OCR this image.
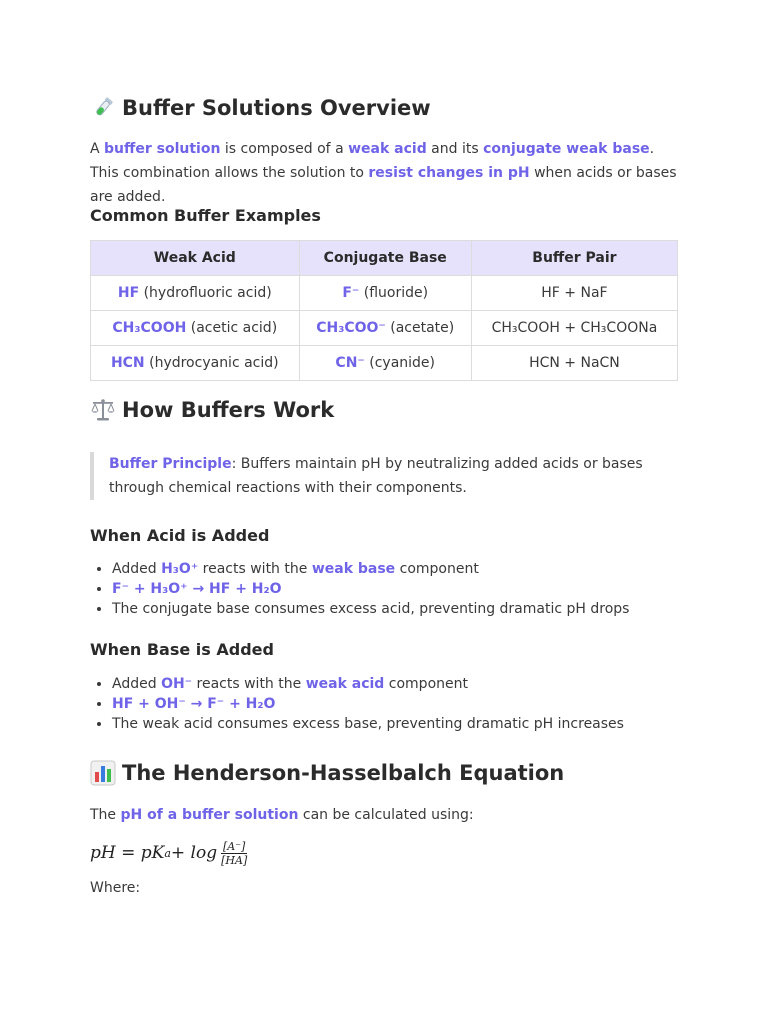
Buffer Solutions Overview

A buffer solution is composed of a weak acid and its conjugate weak base. This combination allows the solution to resist changes in pH when acids or bases are added.

Common Buffer Examples
Weak Acid	Conjugate Base	Buffer Pair
HF (hydrofluoric acid)	F⁻ (fluoride)	HF + NaF
CH₃COOH (acetic acid)	CH₃COO⁻ (acetate)	CH₃COOH + CH₃COONa
HCN (hydrocyanic acid)	CN⁻ (cyanide)	HCN + NaCN
How Buffers Work
Buffer Principle: Buffers maintain pH by neutralizing added acids or bases through chemical reactions with their components.
When Acid is Added
• Added H₃O⁺ reacts with the weak base component
• F⁻ + H₃O⁺ → HF + H₂O
• The conjugate base consumes excess acid, preventing dramatic pH drops
When Base is Added
• Added OH⁻ reacts with the weak acid component
• HF + OH⁻ → F⁻ + H₂O
• The weak acid consumes excess base, preventing dramatic pH increases
The Henderson-Hasselbalch Equation

The pH of a buffer solution can be calculated using:

pH = pK $a + \log \frac{[A^-]}{[HA]}$

Where:
